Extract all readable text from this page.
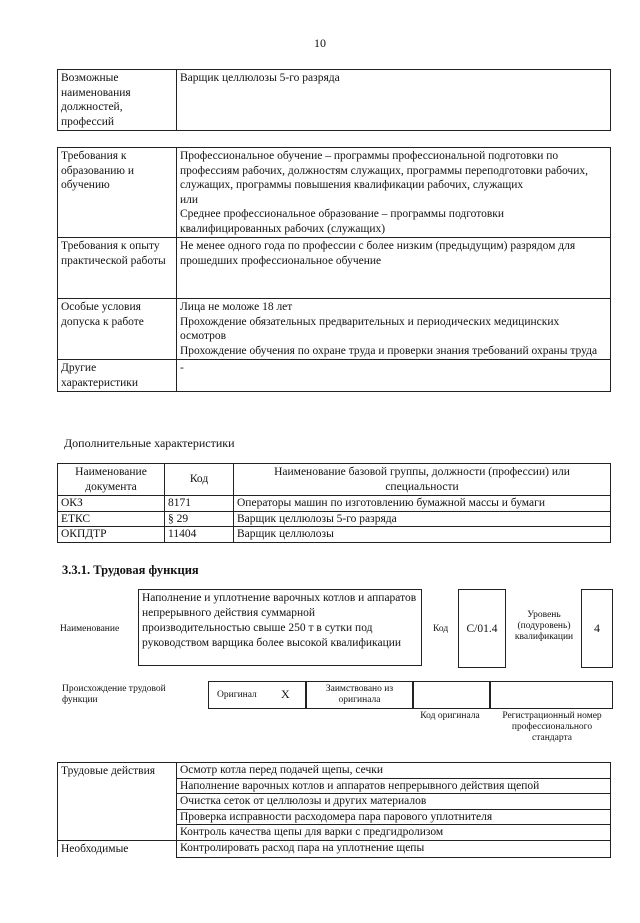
10
Возможные наименования должностей, профессий	Варщик целлюлозы 5-го разряда
Требования к образованию и обучению	Профессиональное обучение – программы профессиональной подготовки по профессиям рабочих, должностям служащих, программы переподготовки рабочих, служащих, программы повышения квалификации рабочих, служащих
или
Среднее профессиональное образование – программы подготовки квалифицированных рабочих (служащих)

Требования к опыту практической работы	Не менее одного года по профессии с более низким (предыдущим) разрядом для прошедших профессиональное обучение

Особые условия допуска к работе	Лица не моложе 18 лет
Прохождение обязательных предварительных и периодических медицинских осмотров
Прохождение обучения по охране труда и проверки знания требований охраны труда

Другие характеристики	-
Дополнительные характеристики
Наименование документа	Код	Наименование базовой группы, должности (профессии) или специальности
ОКЗ	8171	Операторы машин по изготовлению бумажной массы и бумаги
ЕТКС	§ 29	Варщик целлюлозы 5-го разряда
ОКПДТР	11404	Варщик целлюлозы
3.3.1. Трудовая функция
Наименование
Наполнение и уплотнение варочных котлов и аппаратов непрерывного действия суммарной производительностью свыше 250 т в сутки под руководством варщика более высокой квалификации
Код C/01.4
Уровень (подуровень) квалификации
4
Происхождение трудовой функции	Оригинал X	Заимствовано из оригинала
Код оригинала	Регистрационный номер профессионального стандарта
Трудовые действия	Осмотр котла перед подачей щепы, сечки
	Наполнение варочных котлов и аппаратов непрерывного действия щепой
	Очистка сеток от целлюлозы и других материалов
	Проверка исправности расходомера пара парового уплотнителя
	Контроль качества щепы для варки с предгидролизом
Необходимые	Контролировать расход пара на уплотнение щепы
